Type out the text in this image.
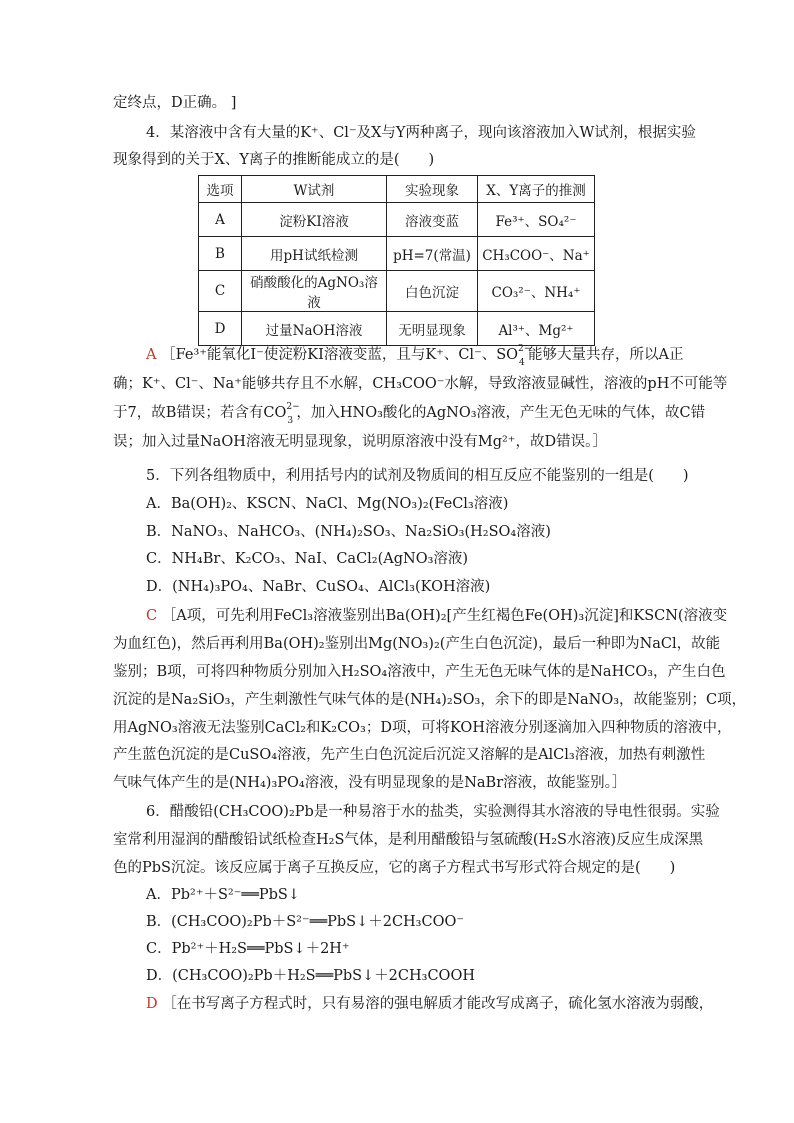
定终点，D正确。 ]
4．某溶液中含有大量的K⁺、Cl⁻及X与Y两种离子，现向该溶液加入W试剂，根据实验
现象得到的关于X、Y离子的推断能成立的是(　　)
选项	W试剂	实验现象	X、Y离子的推测
A	淀粉KI溶液	溶液变蓝	Fe³⁺、SO₄²⁻
B	用pH试纸检测	pH=7(常温)	CH₃COO⁻、Na⁺
C	硝酸酸化的AgNO₃溶液	白色沉淀	CO₃²⁻、NH₄⁺
D	过量NaOH溶液	无明显现象	Al³⁺、Mg²⁺
A ［Fe³⁺能氧化I⁻使淀粉KI溶液变蓝，且与K⁺、Cl⁻、SO 2−
4 能够大量共存，所以A正
确；K⁺、Cl⁻、Na⁺能够共存且不水解，CH₃COO⁻水解，导致溶液显碱性，溶液的pH不可能等
于7，故B错误；若含有CO 2−
3 ，加入HNO₃酸化的AgNO₃溶液，产生无色无味的气体，故C错
误；加入过量NaOH溶液无明显现象，说明原溶液中没有Mg²⁺，故D错误。］
5．下列各组物质中，利用括号内的试剂及物质间的相互反应不能鉴别的一组是(　　)
A．Ba(OH)₂、KSCN、NaCl、Mg(NO₃)₂(FeCl₃溶液)
B．NaNO₃、NaHCO₃、(NH₄)₂SO₃、Na₂SiO₃(H₂SO₄溶液)
C．NH₄Br、K₂CO₃、NaI、CaCl₂(AgNO₃溶液)
D．(NH₄)₃PO₄、NaBr、CuSO₄、AlCl₃(KOH溶液)
C ［A项，可先利用FeCl₃溶液鉴别出Ba(OH)₂[产生红褐色Fe(OH)₃沉淀]和KSCN(溶液变
为血红色)，然后再利用Ba(OH)₂鉴别出Mg(NO₃)₂(产生白色沉淀)，最后一种即为NaCl，故能
鉴别；B项，可将四种物质分别加入H₂SO₄溶液中，产生无色无味气体的是NaHCO₃，产生白色
沉淀的是Na₂SiO₃，产生刺激性气味气体的是(NH₄)₂SO₃，余下的即是NaNO₃，故能鉴别；C项，
用AgNO₃溶液无法鉴别CaCl₂和K₂CO₃；D项，可将KOH溶液分别逐滴加入四种物质的溶液中，
产生蓝色沉淀的是CuSO₄溶液，先产生白色沉淀后沉淀又溶解的是AlCl₃溶液，加热有刺激性
气味气体产生的是(NH₄)₃PO₄溶液，没有明显现象的是NaBr溶液，故能鉴别。］
6．醋酸铅(CH₃COO)₂Pb是一种易溶于水的盐类，实验测得其水溶液的导电性很弱。实验
室常利用湿润的醋酸铅试纸检查H₂S气体，是利用醋酸铅与氢硫酸(H₂S水溶液)反应生成深黑
色的PbS沉淀。该反应属于离子互换反应，它的离子方程式书写形式符合规定的是(　　)
A．Pb²⁺＋S²⁻══PbS↓
B．(CH₃COO)₂Pb＋S²⁻══PbS↓＋2CH₃COO⁻
C．Pb²⁺＋H₂S══PbS↓＋2H⁺
D．(CH₃COO)₂Pb＋H₂S══PbS↓＋2CH₃COOH
D ［在书写离子方程式时，只有易溶的强电解质才能改写成离子，硫化氢水溶液为弱酸，
